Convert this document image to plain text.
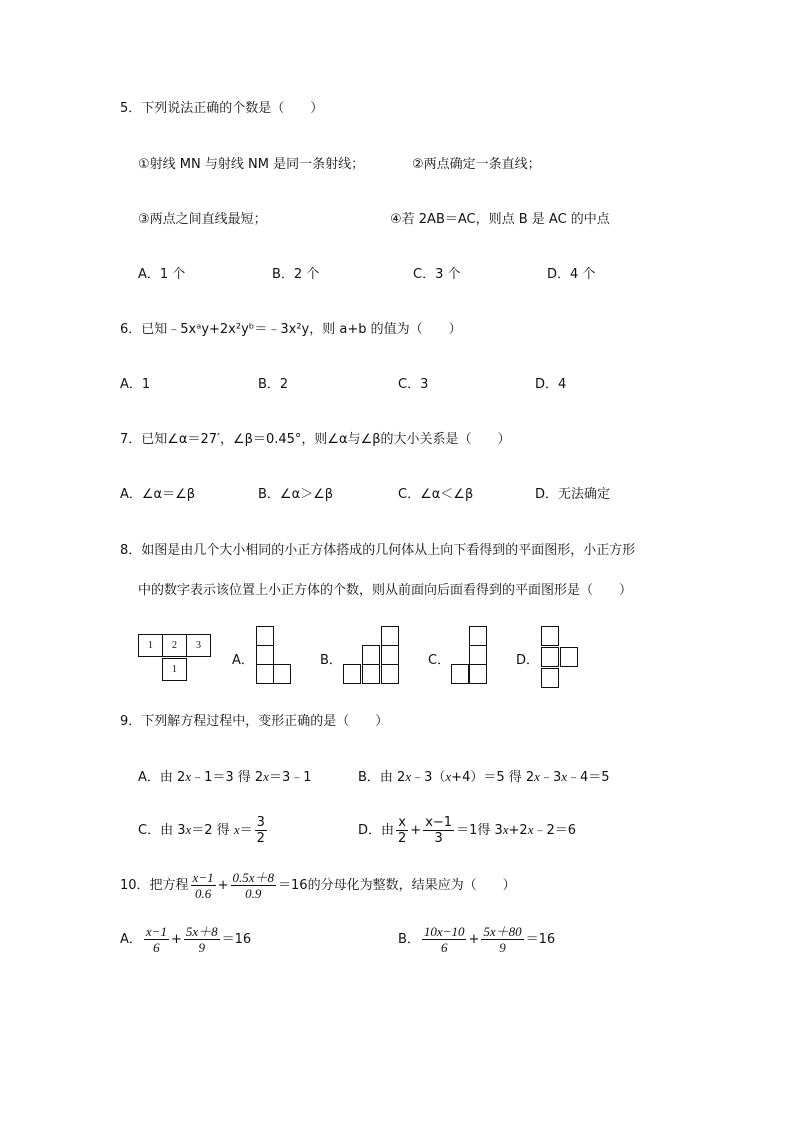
5．下列说法正确的个数是（　　）
①射线 MN 与射线 NM 是同一条射线；	②两点确定一条直线；
③两点之间直线最短；	④若 2AB＝AC，则点 B 是 AC 的中点
A．1 个	B．2 个	C．3 个	D．4 个
6．已知﹣5xᵃy+2x²yᵇ＝﹣3x²y，则 a+b 的值为（　　）
A．1	B．2	C．3	D．4
7．已知∠α＝27′，∠β＝0.45°，则∠α与∠β的大小关系是（　　）
A．∠α＝∠β	B．∠α＞∠β	C．∠α＜∠β	D．无法确定
8．如图是由几个大小相同的小正方体搭成的几何体从上向下看得到的平面图形，小正方形
中的数字表示该位置上小正方体的个数，则从前面向后面看得到的平面图形是（　　）
1	2	3
1
A．	B．	C．	D．
9．下列解方程过程中，变形正确的是（　　）
A．由 2x﹣1＝3 得 2x＝3﹣1	B．由 2x﹣3（x+4）＝5 得 2x﹣3x﹣4＝5
C．由 3x＝2 得 $x= \frac{3}{2}$	D．由 $\frac{x}{2} + \frac{x-1}{3} =1$得 3x+2x﹣2＝6
10．把方程 $\frac{x-1}{0.6} + \frac{0.5x+8}{0.9} =16$的分母化为整数，结果应为（　　）
A． $\frac{x-1}{6} + \frac{5x+8}{9} =16$	B． $\frac{10x-10}{6} + \frac{5x+80}{9} =16$
